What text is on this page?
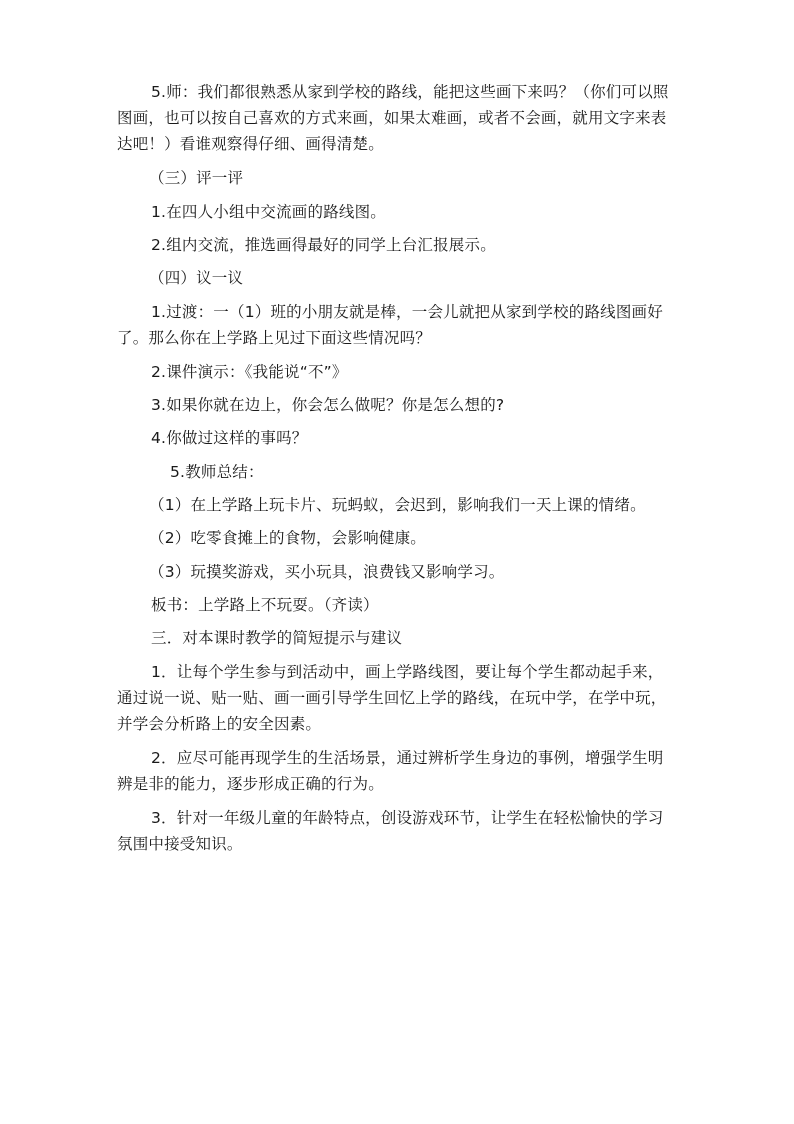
5.师：我们都很熟悉从家到学校的路线，能把这些画下来吗？（你们可以照
图画，也可以按自己喜欢的方式来画，如果太难画，或者不会画，就用文字来表
达吧！）看谁观察得仔细、画得清楚。
（三）评一评
1.在四人小组中交流画的路线图。
2.组内交流，推选画得最好的同学上台汇报展示。
（四）议一议
1.过渡：一（1）班的小朋友就是棒，一会儿就把从家到学校的路线图画好
了。那么你在上学路上见过下面这些情况吗？
2.课件演示：《我能说“不”》
3.如果你就在边上，你会怎么做呢？你是怎么想的?
4.你做过这样的事吗？
5.教师总结：
（1）在上学路上玩卡片、玩蚂蚁，会迟到，影响我们一天上课的情绪。
（2）吃零食摊上的食物，会影响健康。
（3）玩摸奖游戏，买小玩具，浪费钱又影响学习。
板书：上学路上不玩耍。（齐读）
三．对本课时教学的简短提示与建议
1．让每个学生参与到活动中，画上学路线图，要让每个学生都动起手来，
通过说一说、贴一贴、画一画引导学生回忆上学的路线，在玩中学，在学中玩，
并学会分析路上的安全因素。
2．应尽可能再现学生的生活场景，通过辨析学生身边的事例，增强学生明
辨是非的能力，逐步形成正确的行为。
3．针对一年级儿童的年龄特点，创设游戏环节，让学生在轻松愉快的学习
氛围中接受知识。
